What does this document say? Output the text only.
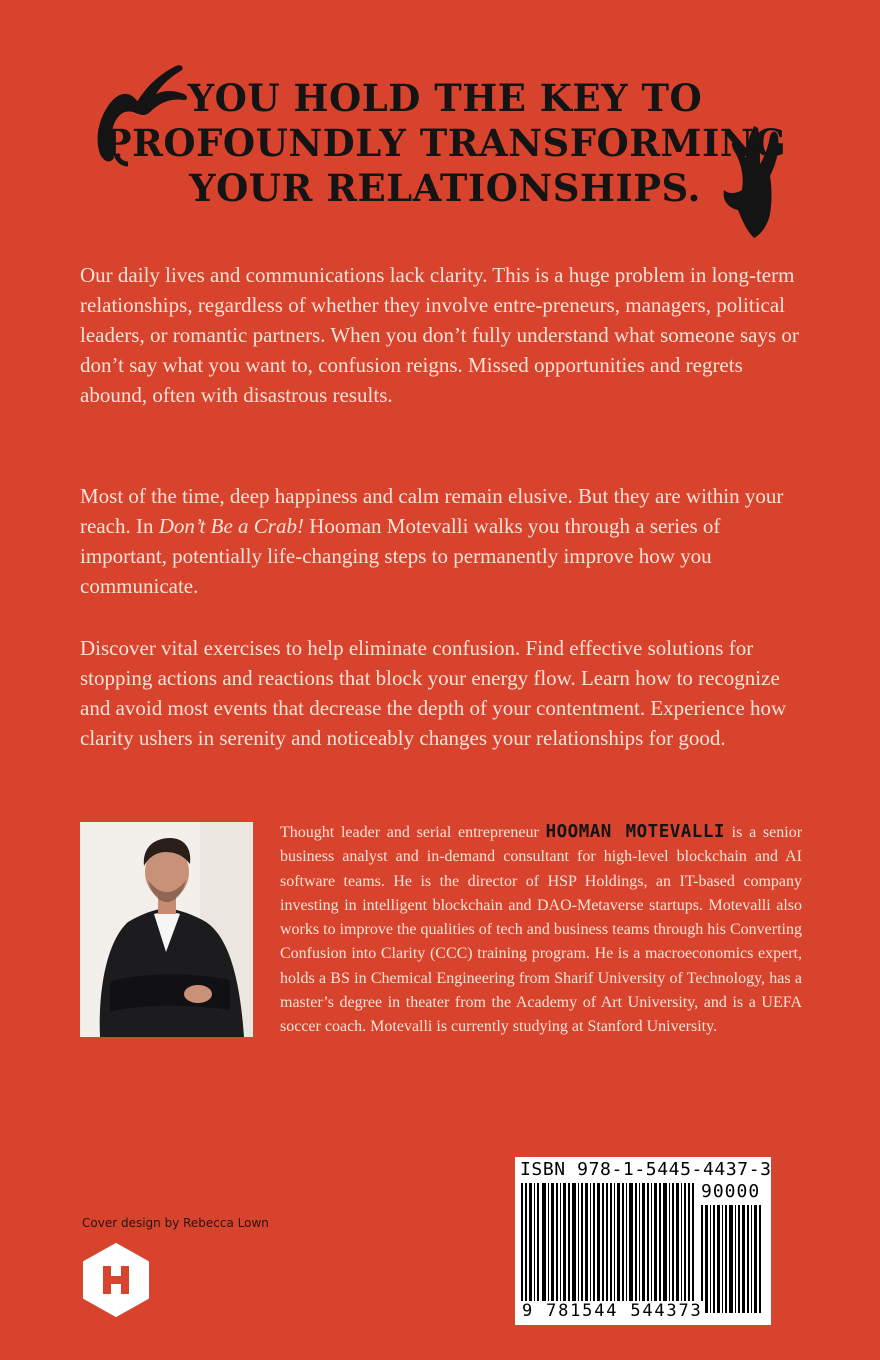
YOU HOLD THE KEY TO
PROFOUNDLY TRANSFORMING
YOUR RELATIONSHIPS.

Our daily lives and communications lack clarity. This is a huge problem in long-term relationships, regardless of whether they involve entre-preneurs, managers, political leaders, or romantic partners. When you don’t fully understand what someone says or don’t say what you want to, confusion reigns. Missed opportunities and regrets abound, often with disastrous results.

Most of the time, deep happiness and calm remain elusive. But they are within your reach. In Don’t Be a Crab! Hooman Motevalli walks you through a series of important, potentially life-changing steps to permanently improve how you communicate.

Discover vital exercises to help eliminate confusion. Find effective solutions for stopping actions and reactions that block your energy flow. Learn how to recognize and avoid most events that decrease the depth of your contentment. Experience how clarity ushers in serenity and noticeably changes your relationships for good.

Thought leader and serial entrepreneur HOOMAN MOTEVALLI is a senior business analyst and in-demand consultant for high-level blockchain and AI software teams. He is the director of HSP Holdings, an IT-based company investing in intelligent blockchain and DAO-Metaverse startups. Motevalli also works to improve the qualities of tech and business teams through his Converting Confusion into Clarity (CCC) training program. He is a macroeconomics expert, holds a BS in Chemical Engineering from Sharif University of Technology, has a master’s degree in theater from the Academy of Art University, and is a UEFA soccer coach. Motevalli is currently studying at Stanford University.
Cover design by Rebecca Lown
ISBN 978-1-5445-4437-3
90000
9 781544 544373
